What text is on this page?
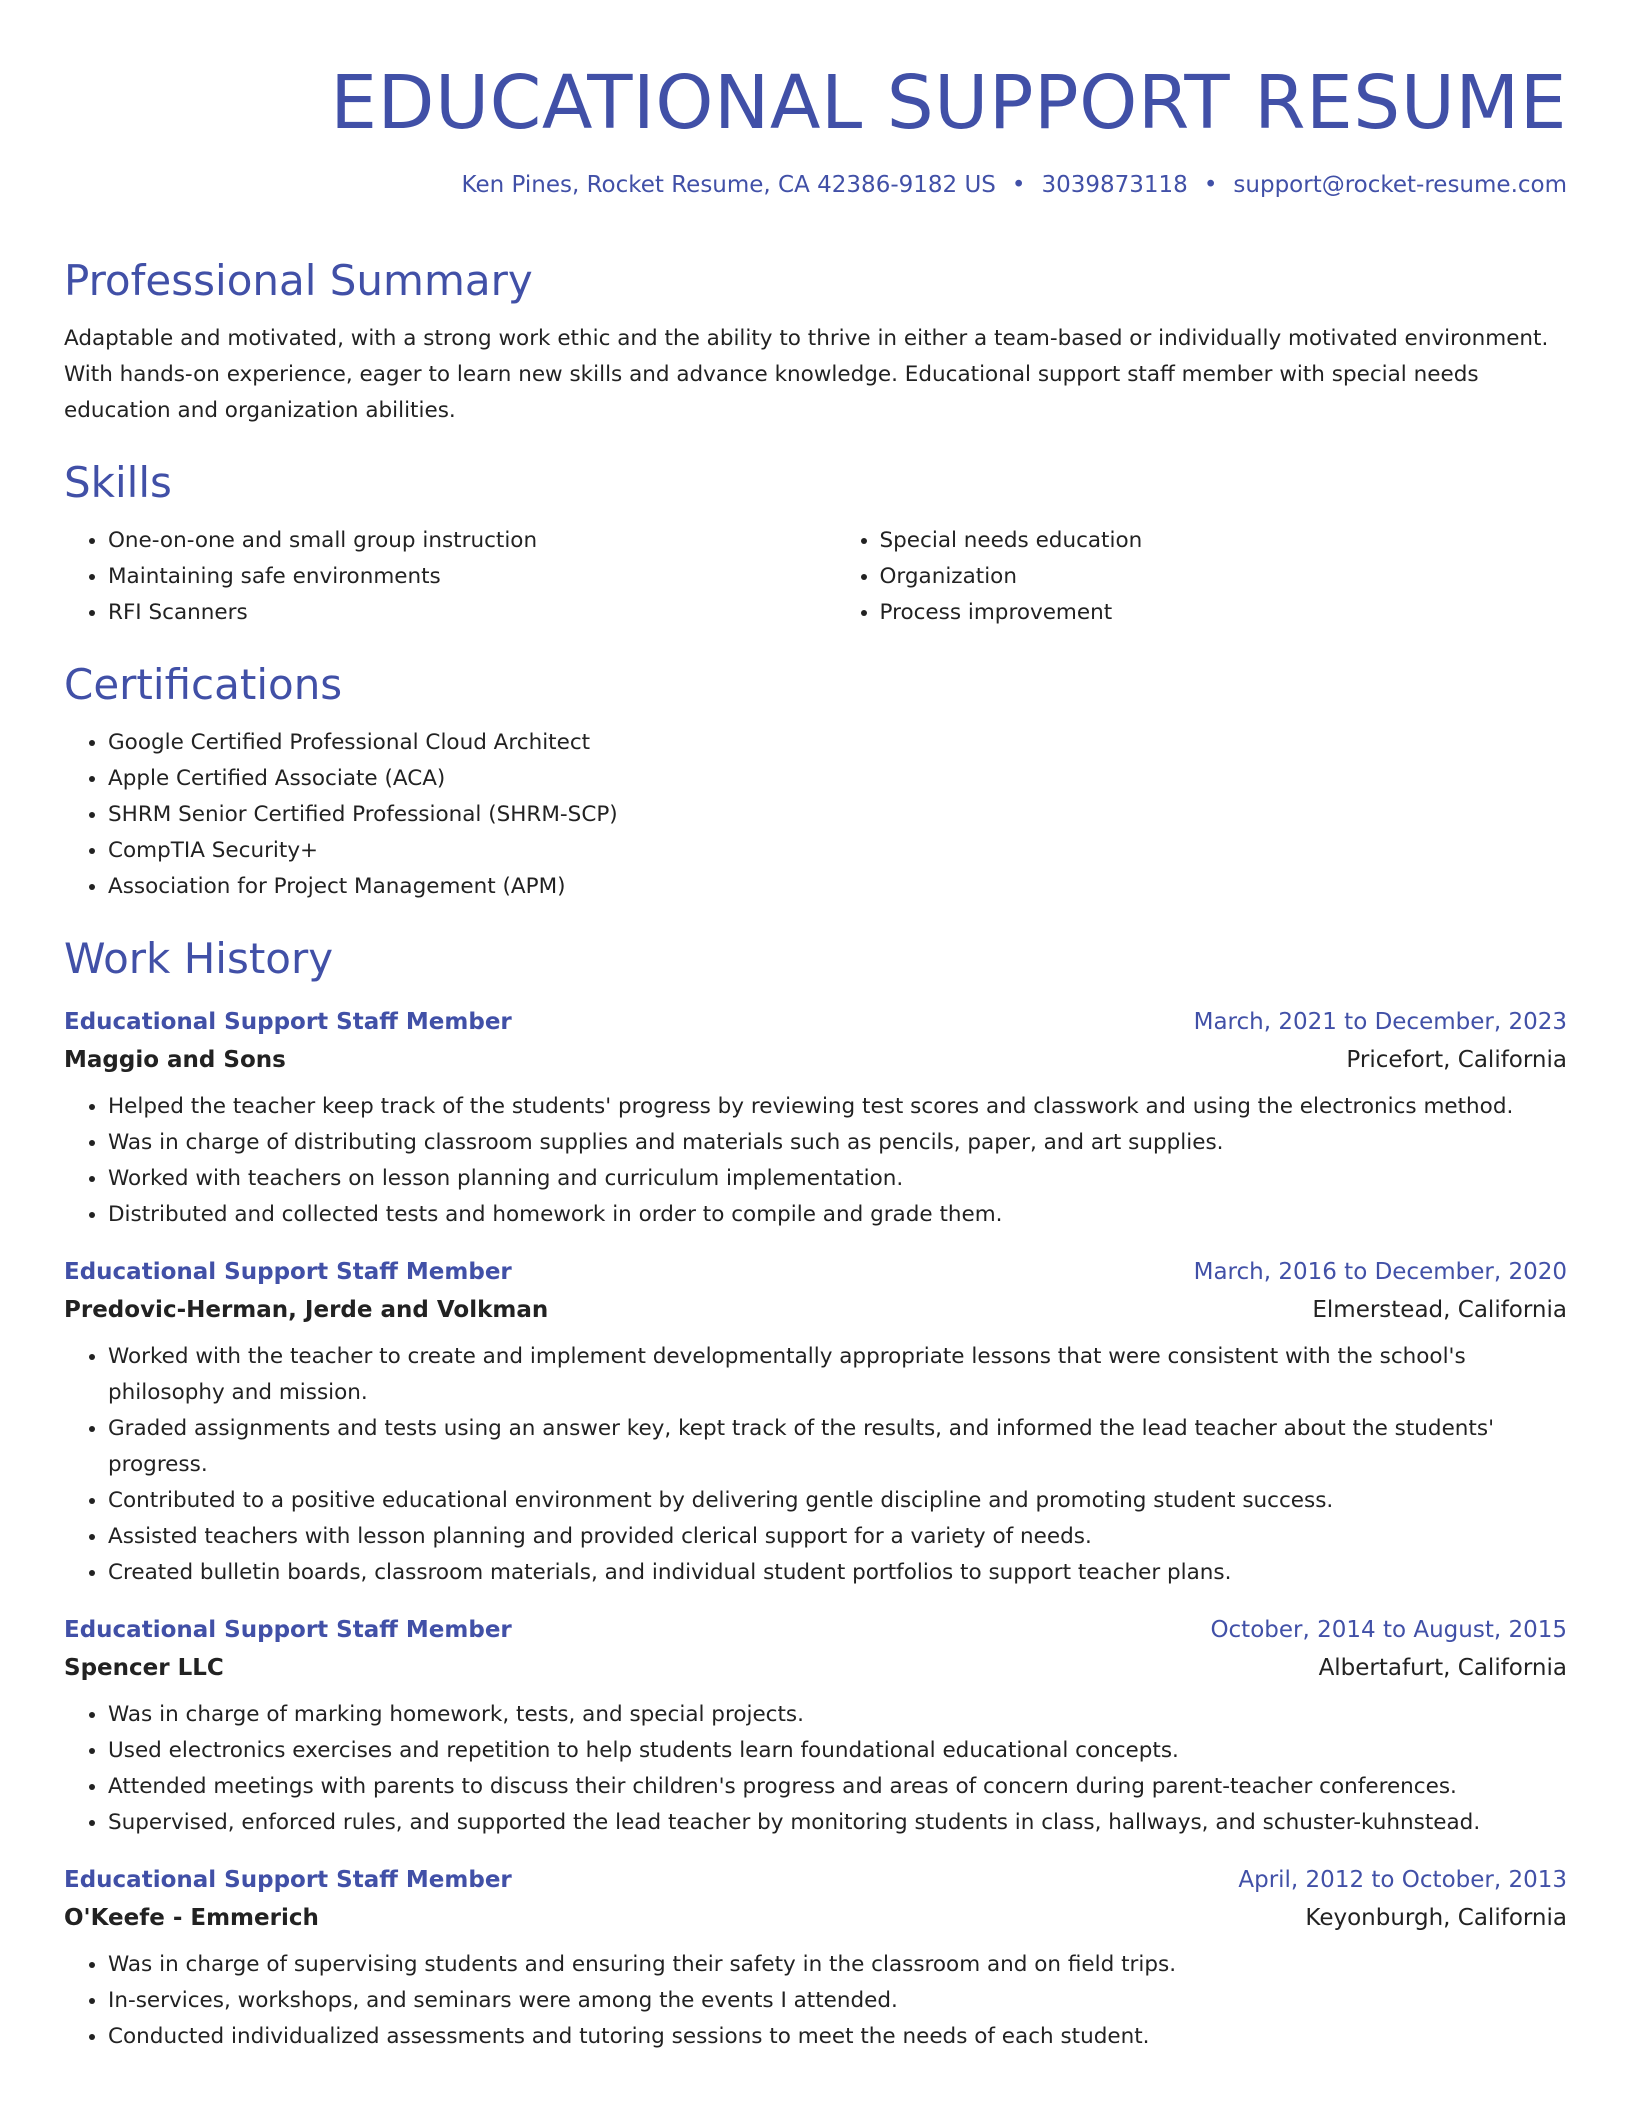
EDUCATIONAL SUPPORT RESUME
Ken Pines, Rocket Resume, CA 42386-9182 US • 3039873118 • support@rocket-resume.com
Professional Summary

Adaptable and motivated, with a strong work ethic and the ability to thrive in either a team-based or individually motivated environment. With hands-on experience, eager to learn new skills and advance knowledge. Educational support staff member with special needs education and organization abilities.

Skills
• One-on-one and small group instruction
• Maintaining safe environments
• RFI Scanners
• Special needs education
• Organization
• Process improvement
Certifications
• Google Certified Professional Cloud Architect
• Apple Certified Associate (ACA)
• SHRM Senior Certified Professional (SHRM-SCP)
• CompTIA Security+
• Association for Project Management (APM)
Work History
Educational Support Staff Member	March, 2021 to December, 2023
Maggio and Sons	Pricefort, California
• Helped the teacher keep track of the students' progress by reviewing test scores and classwork and using the electronics method.
• Was in charge of distributing classroom supplies and materials such as pencils, paper, and art supplies.
• Worked with teachers on lesson planning and curriculum implementation.
• Distributed and collected tests and homework in order to compile and grade them.
Educational Support Staff Member	March, 2016 to December, 2020
Predovic-Herman, Jerde and Volkman	Elmerstead, California
• Worked with the teacher to create and implement developmentally appropriate lessons that were consistent with the school's philosophy and mission.
• Graded assignments and tests using an answer key, kept track of the results, and informed the lead teacher about the students' progress.
• Contributed to a positive educational environment by delivering gentle discipline and promoting student success.
• Assisted teachers with lesson planning and provided clerical support for a variety of needs.
• Created bulletin boards, classroom materials, and individual student portfolios to support teacher plans.
Educational Support Staff Member	October, 2014 to August, 2015
Spencer LLC	Albertafurt, California
• Was in charge of marking homework, tests, and special projects.
• Used electronics exercises and repetition to help students learn foundational educational concepts.
• Attended meetings with parents to discuss their children's progress and areas of concern during parent-teacher conferences.
• Supervised, enforced rules, and supported the lead teacher by monitoring students in class, hallways, and schuster-kuhnstead.
Educational Support Staff Member	April, 2012 to October, 2013
O'Keefe - Emmerich	Keyonburgh, California
• Was in charge of supervising students and ensuring their safety in the classroom and on field trips.
• In-services, workshops, and seminars were among the events I attended.
• Conducted individualized assessments and tutoring sessions to meet the needs of each student.
